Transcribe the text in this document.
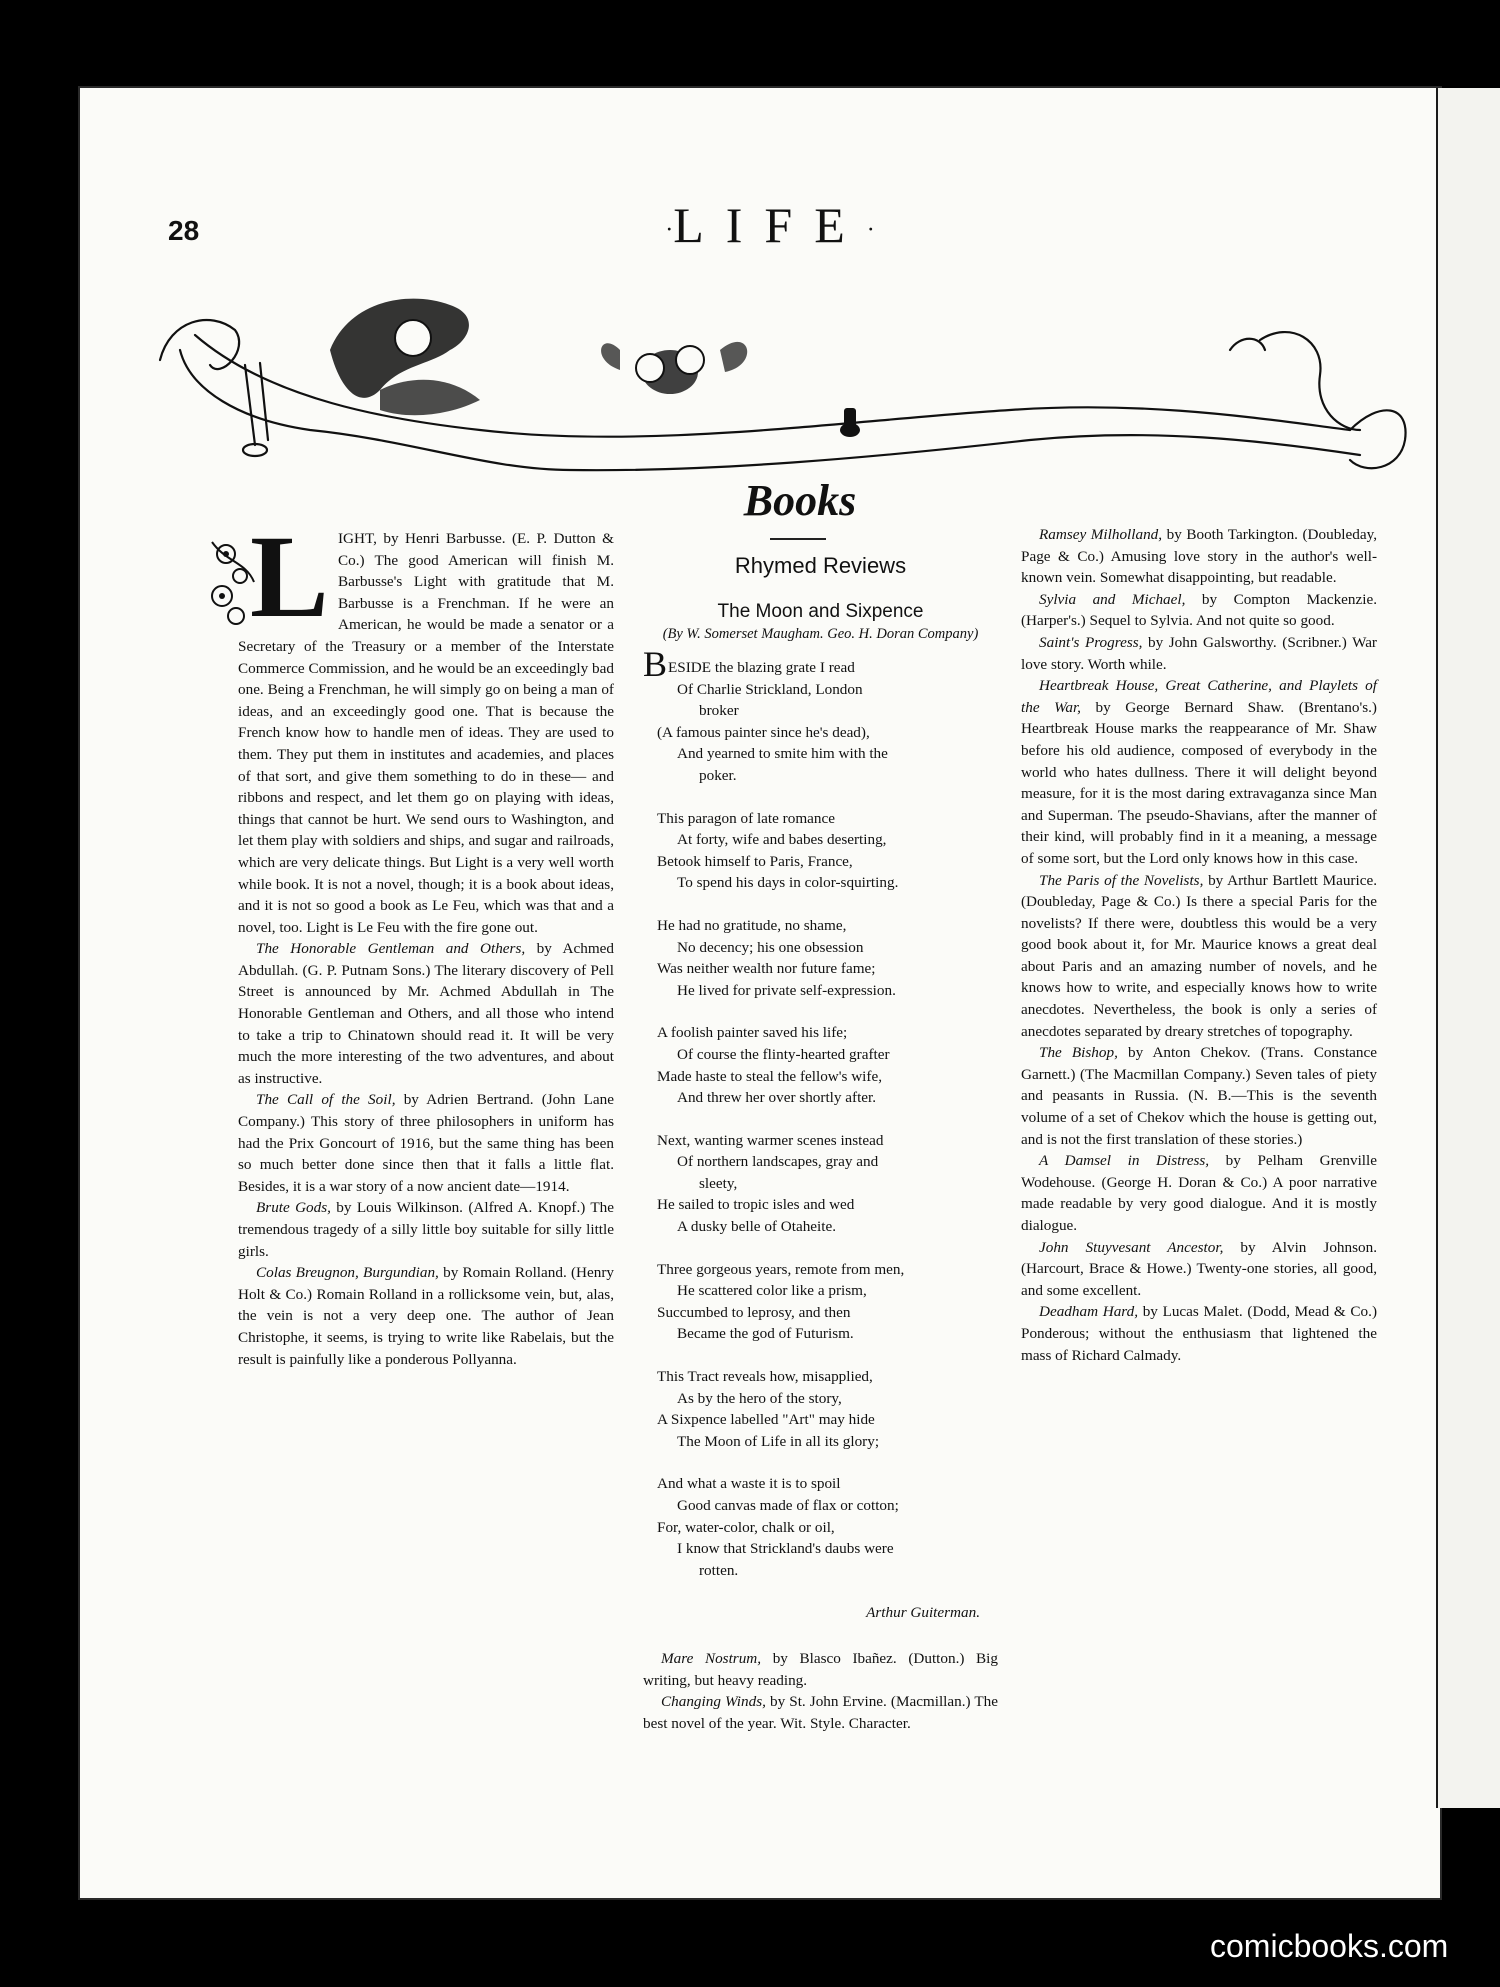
28	·LIFE·
Books

L IGHT, by Henri Barbusse. (E. P. Dutton & Co.) The good American will finish M. Barbusse's Light with gratitude that M. Barbusse is a Frenchman. If he were an American, he would be made a senator or a Secretary of the Treasury or a member of the Interstate Commerce Commission, and he would be an exceedingly bad one. Being a Frenchman, he will simply go on being a man of ideas, and an exceedingly good one. That is because the French know how to handle men of ideas. They are used to them. They put them in institutes and academies, and places of that sort, and give them something to do in these— and ribbons and respect, and let them go on playing with ideas, things that cannot be hurt. We send ours to Washington, and let them play with soldiers and ships, and sugar and railroads, which are very delicate things. But Light is a very well worth while book. It is not a novel, though; it is a book about ideas, and it is not so good a book as Le Feu, which was that and a novel, too. Light is Le Feu with the fire gone out.

The Honorable Gentleman and Others, by Achmed Abdullah. (G. P. Putnam Sons.) The literary discovery of Pell Street is announced by Mr. Achmed Abdullah in The Honorable Gentleman and Others, and all those who intend to take a trip to Chinatown should read it. It will be very much the more interesting of the two adventures, and about as instructive.

The Call of the Soil, by Adrien Bertrand. (John Lane Company.) This story of three philosophers in uniform has had the Prix Goncourt of 1916, but the same thing has been so much better done since then that it falls a little flat. Besides, it is a war story of a now ancient date—1914.

Brute Gods, by Louis Wilkinson. (Alfred A. Knopf.) The tremendous tragedy of a silly little boy suitable for silly little girls.

Colas Breugnon, Burgundian, by Romain Rolland. (Henry Holt & Co.) Romain Rolland in a rollicksome vein, but, alas, the vein is not a very deep one. The author of Jean Christophe, it seems, is trying to write like Rabelais, but the result is painfully like a ponderous Pollyanna.

Rhymed Reviews
The Moon and Sixpence
(By W. Somerset Maugham. Geo. H. Doran Company)
BESIDE the blazing grate I read
Of Charlie Strickland, London
broker
(A famous painter since he's dead),
And yearned to smite him with the
poker.
This paragon of late romance
At forty, wife and babes deserting,
Betook himself to Paris, France,
To spend his days in color-squirting.
He had no gratitude, no shame,
No decency; his one obsession
Was neither wealth nor future fame;
He lived for private self-expression.
A foolish painter saved his life;
Of course the flinty-hearted grafter
Made haste to steal the fellow's wife,
And threw her over shortly after.
Next, wanting warmer scenes instead
Of northern landscapes, gray and
sleety,
He sailed to tropic isles and wed
A dusky belle of Otaheite.
Three gorgeous years, remote from men,
He scattered color like a prism,
Succumbed to leprosy, and then
Became the god of Futurism.
This Tract reveals how, misapplied,
As by the hero of the story,
A Sixpence labelled "Art" may hide
The Moon of Life in all its glory;
And what a waste it is to spoil
Good canvas made of flax or cotton;
For, water-color, chalk or oil,
I know that Strickland's daubs were
rotten.
Arthur Guiterman.

Mare Nostrum, by Blasco Ibañez. (Dutton.) Big writing, but heavy reading.

Changing Winds, by St. John Ervine. (Macmillan.) The best novel of the year. Wit. Style. Character.

Ramsey Milholland, by Booth Tarkington. (Doubleday, Page & Co.) Amusing love story in the author's well-known vein. Somewhat disappointing, but readable.

Sylvia and Michael, by Compton Mackenzie. (Harper's.) Sequel to Sylvia. And not quite so good.

Saint's Progress, by John Galsworthy. (Scribner.) War love story. Worth while.

Heartbreak House, Great Catherine, and Playlets of the War, by George Bernard Shaw. (Brentano's.) Heartbreak House marks the reappearance of Mr. Shaw before his old audience, composed of everybody in the world who hates dullness. There it will delight beyond measure, for it is the most daring extravaganza since Man and Superman. The pseudo-Shavians, after the manner of their kind, will probably find in it a meaning, a message of some sort, but the Lord only knows how in this case.

The Paris of the Novelists, by Arthur Bartlett Maurice. (Doubleday, Page & Co.) Is there a special Paris for the novelists? If there were, doubtless this would be a very good book about it, for Mr. Maurice knows a great deal about Paris and an amazing number of novels, and he knows how to write, and especially knows how to write anecdotes. Nevertheless, the book is only a series of anecdotes separated by dreary stretches of topography.

The Bishop, by Anton Chekov. (Trans. Constance Garnett.) (The Macmillan Company.) Seven tales of piety and peasants in Russia. (N. B.—This is the seventh volume of a set of Chekov which the house is getting out, and is not the first translation of these stories.)

A Damsel in Distress, by Pelham Grenville Wodehouse. (George H. Doran & Co.) A poor narrative made readable by very good dialogue. And it is mostly dialogue.

John Stuyvesant Ancestor, by Alvin Johnson. (Harcourt, Brace & Howe.) Twenty-one stories, all good, and some excellent.

Deadham Hard, by Lucas Malet. (Dodd, Mead & Co.) Ponderous; without the enthusiasm that lightened the mass of Richard Calmady.

comicbooks.com
